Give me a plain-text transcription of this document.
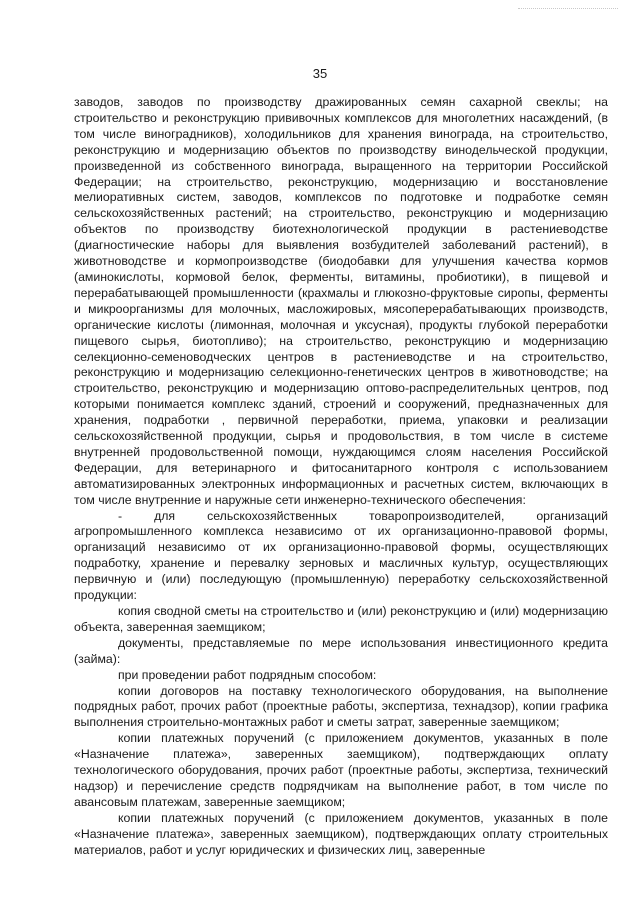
35

заводов, заводов по производству дражированных семян сахарной свеклы; на строительство и реконструкцию прививочных комплексов для многолетних насаждений, (в том числе виноградников), холодильников для хранения винограда, на строительство, реконструкцию и модернизацию объектов по производству винодельческой продукции, произведенной из собственного винограда, выращенного на территории Российской Федерации; на строительство, реконструкцию, модернизацию и восстановление мелиоративных систем, заводов, комплексов по подготовке и подработке семян сельскохозяйственных растений; на строительство, реконструкцию и модернизацию объектов по производству биотехнологической продукции в растениеводстве (диагностические наборы для выявления возбудителей заболеваний растений), в животноводстве и кормопроизводстве (биодобавки для улучшения качества кормов (аминокислоты, кормовой белок, ферменты, витамины, пробиотики), в пищевой и перерабатывающей промышленности (крахмалы и глюкозно-фруктовые сиропы, ферменты и микроорганизмы для молочных, масложировых, мясоперерабатывающих производств, органические кислоты (лимонная, молочная и уксусная), продукты глубокой переработки пищевого сырья, биотопливо); на строительство, реконструкцию и модернизацию селекционно-семеноводческих центров в растениеводстве и на строительство, реконструкцию и модернизацию селекционно-генетических центров в животноводстве; на строительство, реконструкцию и модернизацию оптово-распределительных центров, под которыми понимается комплекс зданий, строений и сооружений, предназначенных для хранения, подработки , первичной переработки, приема, упаковки и реализации сельскохозяйственной продукции, сырья и продовольствия, в том числе в системе внутренней продовольственной помощи, нуждающимся слоям населения Российской Федерации, для ветеринарного и фитосанитарного контроля с использованием автоматизированных электронных информационных и расчетных систем, включающих в том числе внутренние и наружные сети инженерно-технического обеспечения:

- для сельскохозяйственных товаропроизводителей, организаций агропромышленного комплекса независимо от их организационно-правовой формы, организаций независимо от их организационно-правовой формы, осуществляющих подработку, хранение и перевалку зерновых и масличных культур, осуществляющих первичную и (или) последующую (промышленную) переработку сельскохозяйственной продукции:

копия сводной сметы на строительство и (или) реконструкцию и (или) модернизацию объекта, заверенная заемщиком;

документы, представляемые по мере использования инвестиционного кредита (займа):

при проведении работ подрядным способом:

копии договоров на поставку технологического оборудования, на выполнение подрядных работ, прочих работ (проектные работы, экспертиза, технадзор), копии графика выполнения строительно-монтажных работ и сметы затрат, заверенные заемщиком;

копии платежных поручений (с приложением документов, указанных в поле «Назначение платежа», заверенных заемщиком), подтверждающих оплату технологического оборудования, прочих работ (проектные работы, экспертиза, технический надзор) и перечисление средств подрядчикам на выполнение работ, в том числе по авансовым платежам, заверенные заемщиком;

копии платежных поручений (с приложением документов, указанных в поле «Назначение платежа», заверенных заемщиком), подтверждающих оплату строительных материалов, работ и услуг юридических и физических лиц, заверенные
